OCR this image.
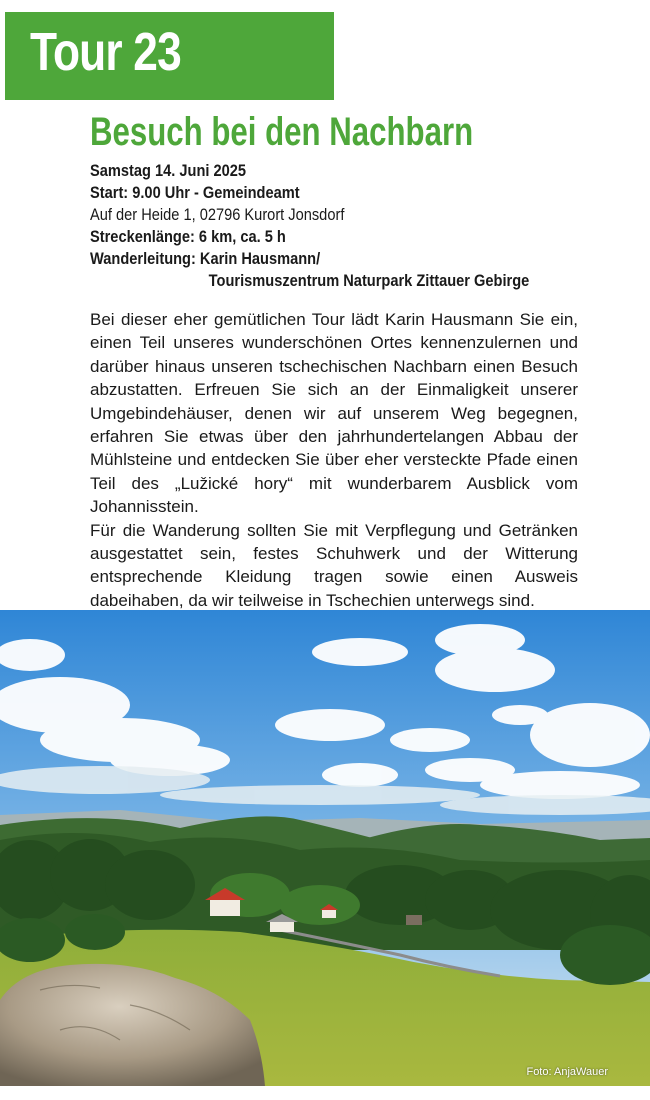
Tour 23
Besuch bei den Nachbarn
Samstag 14. Juni 2025
Start: 9.00 Uhr - Gemeindeamt
Auf der Heide 1, 02796 Kurort Jonsdorf
Streckenlänge: 6 km, ca. 5 h
Wanderleitung: Karin Hausmann/
Tourismuszentrum Naturpark Zittauer Gebirge

Bei dieser eher gemütlichen Tour lädt Karin Hausmann Sie ein, einen Teil unseres wunderschönen Ortes kennenzulernen und darüber hinaus unseren tschechischen Nachbarn einen Besuch abzustatten. Erfreuen Sie sich an der Einmaligkeit unserer Umgebindehäuser, denen wir auf unserem Weg begegnen, erfahren Sie etwas über den jahrhundertelangen Abbau der Mühlsteine und entdecken Sie über eher versteckte Pfade einen Teil des „Lužické hory“ mit wunderbarem Ausblick vom Johannisstein.

Für die Wanderung sollten Sie mit Verpflegung und Getränken ausgestattet sein, festes Schuhwerk und der Witterung entsprechende Kleidung tragen sowie einen Ausweis dabeihaben, da wir teilweise in Tschechien unterwegs sind.

Foto: AnjaWauer
